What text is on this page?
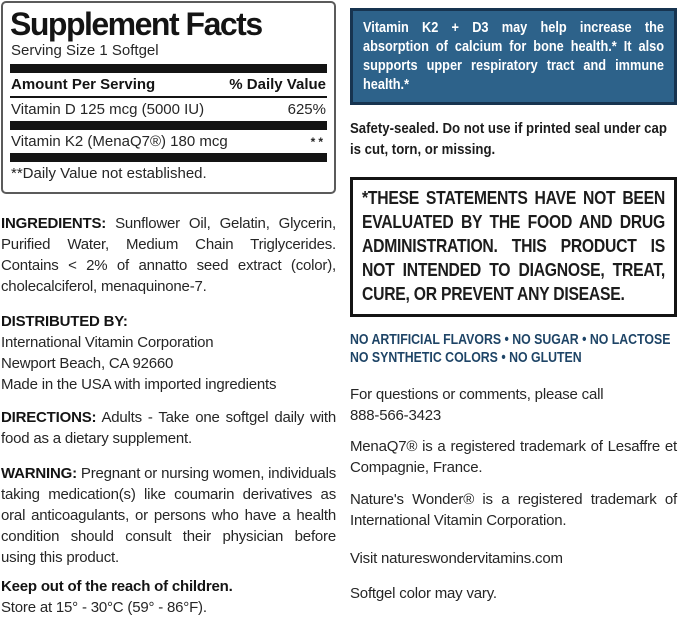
Supplement Facts
Serving Size 1 Softgel
Amount Per Serving	% Daily Value
Vitamin D 125 mcg (5000 IU)	625%
Vitamin K2 (MenaQ7®) 180 mcg	**
**Daily Value not established.

INGREDIENTS: Sunflower Oil, Gelatin, Glycerin, Purified Water, Medium Chain Triglycerides. Contains < 2% of annatto seed extract (color), cholecalciferol, menaquinone-7.

DISTRIBUTED BY:
International Vitamin Corporation
Newport Beach, CA 92660
Made in the USA with imported ingredients

DIRECTIONS: Adults - Take one softgel daily with food as a dietary supplement.

WARNING: Pregnant or nursing women, individuals taking medication(s) like coumarin derivatives as oral anticoagulants, or persons who have a health condition should consult their physician before using this product.

Keep out of the reach of children.
Store at 15° - 30°C (59° - 86°F).
Vitamin K2 + D3 may help increase the absorption of calcium for bone health.* It also supports upper respiratory tract and immune health.*

Safety-sealed. Do not use if printed seal under cap is cut, torn, or missing.

*THESE STATEMENTS HAVE NOT BEEN EVALUATED BY THE FOOD AND DRUG ADMINISTRATION. THIS PRODUCT IS NOT INTENDED TO DIAGNOSE, TREAT, CURE, OR PREVENT ANY DISEASE.
NO ARTIFICIAL FLAVORS • NO SUGAR • NO LACTOSE
NO SYNTHETIC COLORS • NO GLUTEN
For questions or comments, please call
888-566-3423

MenaQ7® is a registered trademark of Lesaffre et Compagnie, France.

Nature's Wonder® is a registered trademark of International Vitamin Corporation.

Visit natureswondervitamins.com

Softgel color may vary.
